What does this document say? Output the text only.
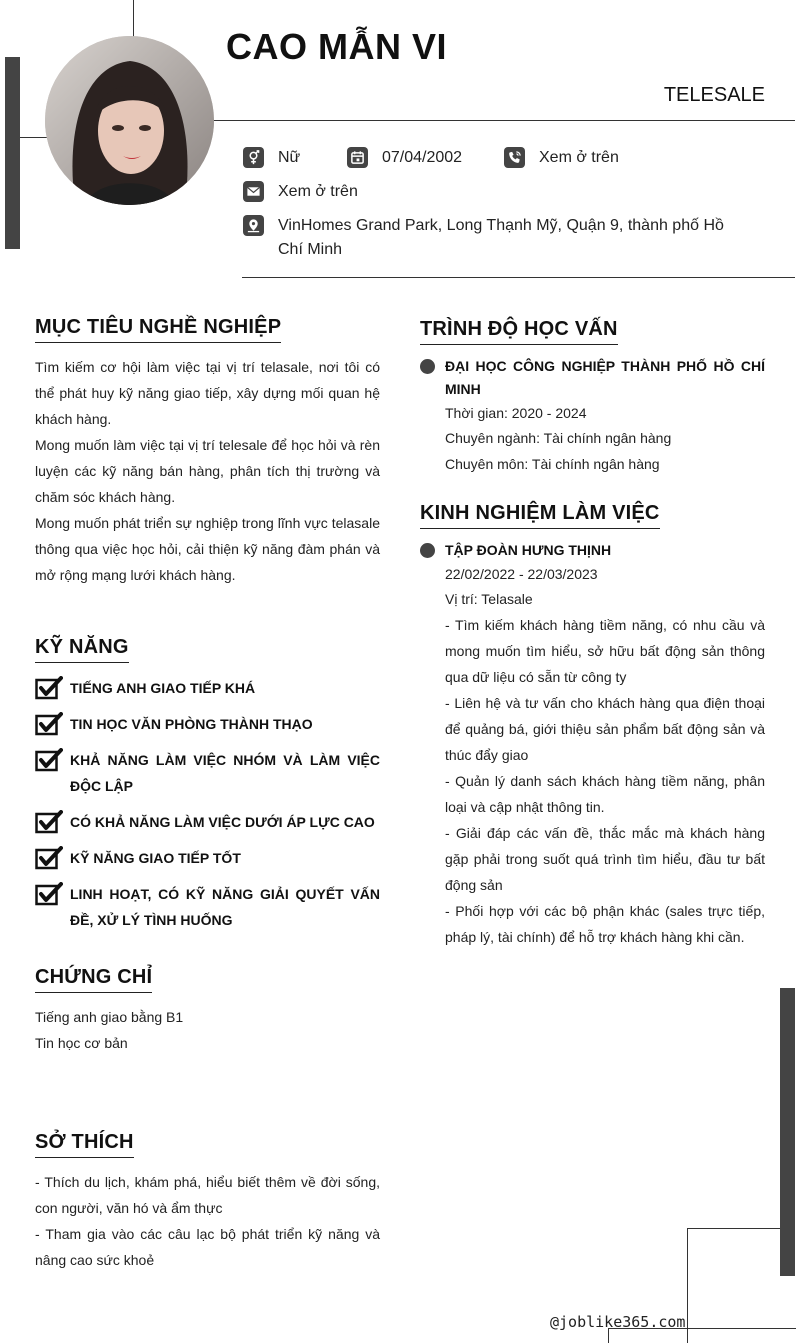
CAO MẪN VI
TELESALE
Nữ	07/04/2002	Xem ở trên
Xem ở trên
VinHomes Grand Park, Long Thạnh Mỹ, Quận 9, thành phố Hồ Chí Minh
MỤC TIÊU NGHỀ NGHIỆP

Tìm kiếm cơ hội làm việc tại vị trí telasale, nơi tôi có thể phát huy kỹ năng giao tiếp, xây dựng mối quan hệ khách hàng.

Mong muốn làm việc tại vị trí telesale để học hỏi và rèn luyện các kỹ năng bán hàng, phân tích thị trường và chăm sóc khách hàng.

Mong muốn phát triển sự nghiệp trong lĩnh vực telasale thông qua việc học hỏi, cải thiện kỹ năng đàm phán và mở rộng mạng lưới khách hàng.

KỸ NĂNG
TIẾNG ANH GIAO TIẾP KHÁ
TIN HỌC VĂN PHÒNG THÀNH THẠO
KHẢ NĂNG LÀM VIỆC NHÓM VÀ LÀM VIỆC ĐỘC LẬP
CÓ KHẢ NĂNG LÀM VIỆC DƯỚI ÁP LỰC CAO
KỸ NĂNG GIAO TIẾP TỐT
LINH HOẠT, CÓ KỸ NĂNG GIẢI QUYẾT VẤN ĐỀ, XỬ LÝ TÌNH HUỐNG
CHỨNG CHỈ
Tiếng anh giao bằng B1
Tin học cơ bản
SỞ THÍCH

- Thích du lịch, khám phá, hiểu biết thêm về đời sống, con người, văn hó và ẩm thực

- Tham gia vào các câu lạc bộ phát triển kỹ năng và nâng cao sức khoẻ

TRÌNH ĐỘ HỌC VẤN
ĐẠI HỌC CÔNG NGHIỆP THÀNH PHỐ HỒ CHÍ MINH
Thời gian: 2020 - 2024
Chuyên ngành: Tài chính ngân hàng
Chuyên môn: Tài chính ngân hàng
KINH NGHIỆM LÀM VIỆC
TẬP ĐOÀN HƯNG THỊNH
22/02/2022 - 22/03/2023
Vị trí: Telasale

- Tìm kiếm khách hàng tiềm năng, có nhu cầu và mong muốn tìm hiểu, sở hữu bất động sản thông qua dữ liệu có sẵn từ công ty

- Liên hệ và tư vấn cho khách hàng qua điện thoại để quảng bá, giới thiệu sản phẩm bất động sản và thúc đẩy giao

- Quản lý danh sách khách hàng tiềm năng, phân loại và cập nhật thông tin.

- Giải đáp các vấn đề, thắc mắc mà khách hàng gặp phải trong suốt quá trình tìm hiểu, đầu tư bất động sản

- Phối hợp với các bộ phận khác (sales trực tiếp, pháp lý, tài chính) để hỗ trợ khách hàng khi cần.

@joblike365.com
